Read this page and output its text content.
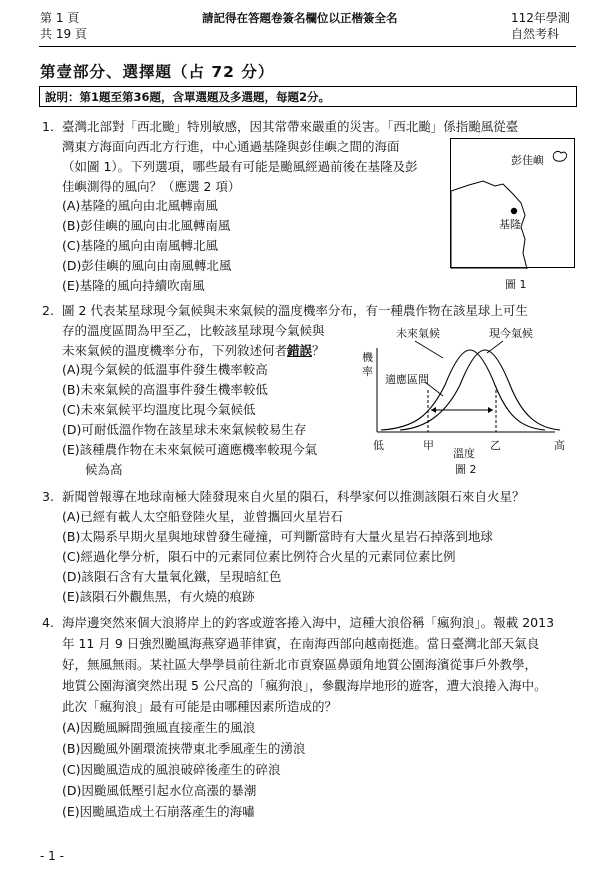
第 1 頁
共 19 頁
請記得在答題卷簽名欄位以正楷簽全名	112年學測
自然考科
第壹部分、選擇題（占 72 分）
說明：第1題至第36題，含單選題及多選題，每題2分。
1. 臺灣北部對「西北颱」特別敏感，因其常帶來嚴重的災害。「西北颱」係指颱風從臺
灣東方海面向西北方行進，中心通過基隆與彭佳嶼之間的海面
（如圖 1）。下列選項，哪些最有可能是颱風經過前後在基隆及彭
佳嶼測得的風向？（應選 2 項）
(A)基隆的風向由北風轉南風
(B)彭佳嶼的風向由北風轉南風
(C)基隆的風向由南風轉北風
(D)彭佳嶼的風向由南風轉北風
(E)基隆的風向持續吹南風
彭佳嶼
基隆
圖 1
2. 圖 2 代表某星球現今氣候與未來氣候的溫度機率分布，有一種農作物在該星球上可生
存的溫度區間為甲至乙，比較該星球現今氣候與
未來氣候的溫度機率分布，下列敘述何者錯誤？
(A)現今氣候的低溫事件發生機率較高
(B)未來氣候的高溫事件發生機率較低
(C)未來氣候平均溫度比現今氣候低
(D)可耐低溫作物在該星球未來氣候較易生存
(E)該種農作物在未來氣候可適應機率較現今氣
候為高
未來氣候	現今氣候
機
率
適應區間
低	甲	乙	高
溫度
圖 2
3. 新聞曾報導在地球南極大陸發現來自火星的隕石，科學家何以推測該隕石來自火星？
(A)已經有載人太空船登陸火星，並曾攜回火星岩石
(B)太陽系早期火星與地球曾發生碰撞，可判斷當時有大量火星岩石掉落到地球
(C)經過化學分析，隕石中的元素同位素比例符合火星的元素同位素比例
(D)該隕石含有大量氧化鐵，呈現暗紅色
(E)該隕石外觀焦黑，有火燒的痕跡
4. 海岸邊突然來個大浪將岸上的釣客或遊客捲入海中，這種大浪俗稱「瘋狗浪」。報載 2013
年 11 月 9 日強烈颱風海燕穿過菲律賓，在南海西部向越南挺進。當日臺灣北部天氣良
好，無風無雨。某社區大學學員前往新北市貢寮區鼻頭角地質公園海濱從事戶外教學，
地質公園海濱突然出現 5 公尺高的「瘋狗浪」，參觀海岸地形的遊客，遭大浪捲入海中。
此次「瘋狗浪」最有可能是由哪種因素所造成的？
(A)因颱風瞬間強風直接產生的風浪
(B)因颱風外圍環流挾帶東北季風產生的湧浪
(C)因颱風造成的風浪破碎後產生的碎浪
(D)因颱風低壓引起水位高漲的暴潮
(E)因颱風造成土石崩落產生的海嘯
- 1 -
